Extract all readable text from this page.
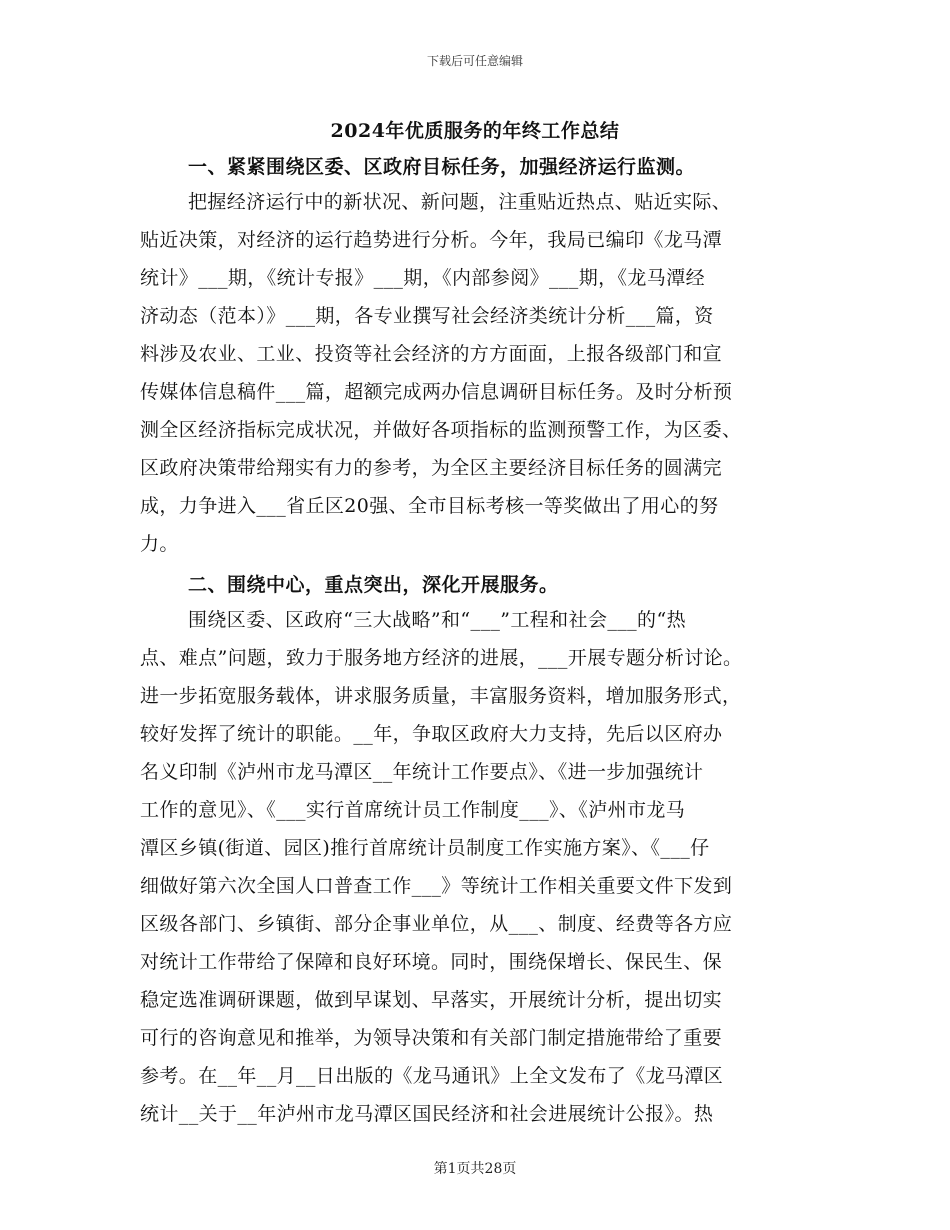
下载后可任意编辑
2024年优质服务的年终工作总结
一、紧紧围绕区委、区政府目标任务，加强经济运行监测。
把握经济运行中的新状况、新问题，注重贴近热点、贴近实际、
贴近决策，对经济的运行趋势进行分析。今年，我局已编印《龙马潭
统计》___期，《统计专报》___期，《内部参阅》___期，《龙马潭经
济动态（范本）》___期，各专业撰写社会经济类统计分析___篇，资
料涉及农业、工业、投资等社会经济的方方面面，上报各级部门和宣
传媒体信息稿件___篇，超额完成两办信息调研目标任务。及时分析预
测全区经济指标完成状况，并做好各项指标的监测预警工作，为区委、
区政府决策带给翔实有力的参考，为全区主要经济目标任务的圆满完
成，力争进入___省丘区20强、全市目标考核一等奖做出了用心的努
力。
二、围绕中心，重点突出，深化开展服务。
围绕区委、区政府“三大战略”和“___”工程和社会___的“热
点、难点”问题，致力于服务地方经济的进展，___开展专题分析讨论。
进一步拓宽服务载体，讲求服务质量，丰富服务资料，增加服务形式，
较好发挥了统计的职能。__年，争取区政府大力支持，先后以区府办
名义印制《泸州市龙马潭区__年统计工作要点》、《进一步加强统计
工作的意见》、《___实行首席统计员工作制度___》、《泸州市龙马
潭区乡镇(街道、园区)推行首席统计员制度工作实施方案》、《___仔
细做好第六次全国人口普查工作___》等统计工作相关重要文件下发到
区级各部门、乡镇街、部分企事业单位，从___、制度、经费等各方应
对统计工作带给了保障和良好环境。同时，围绕保增长、保民生、保
稳定选准调研课题，做到早谋划、早落实，开展统计分析，提出切实
可行的咨询意见和推举，为领导决策和有关部门制定措施带给了重要
参考。在__年__月__日出版的《龙马通讯》上全文发布了《龙马潭区
统计__关于__年泸州市龙马潭区国民经济和社会进展统计公报》。热
第1页共28页
